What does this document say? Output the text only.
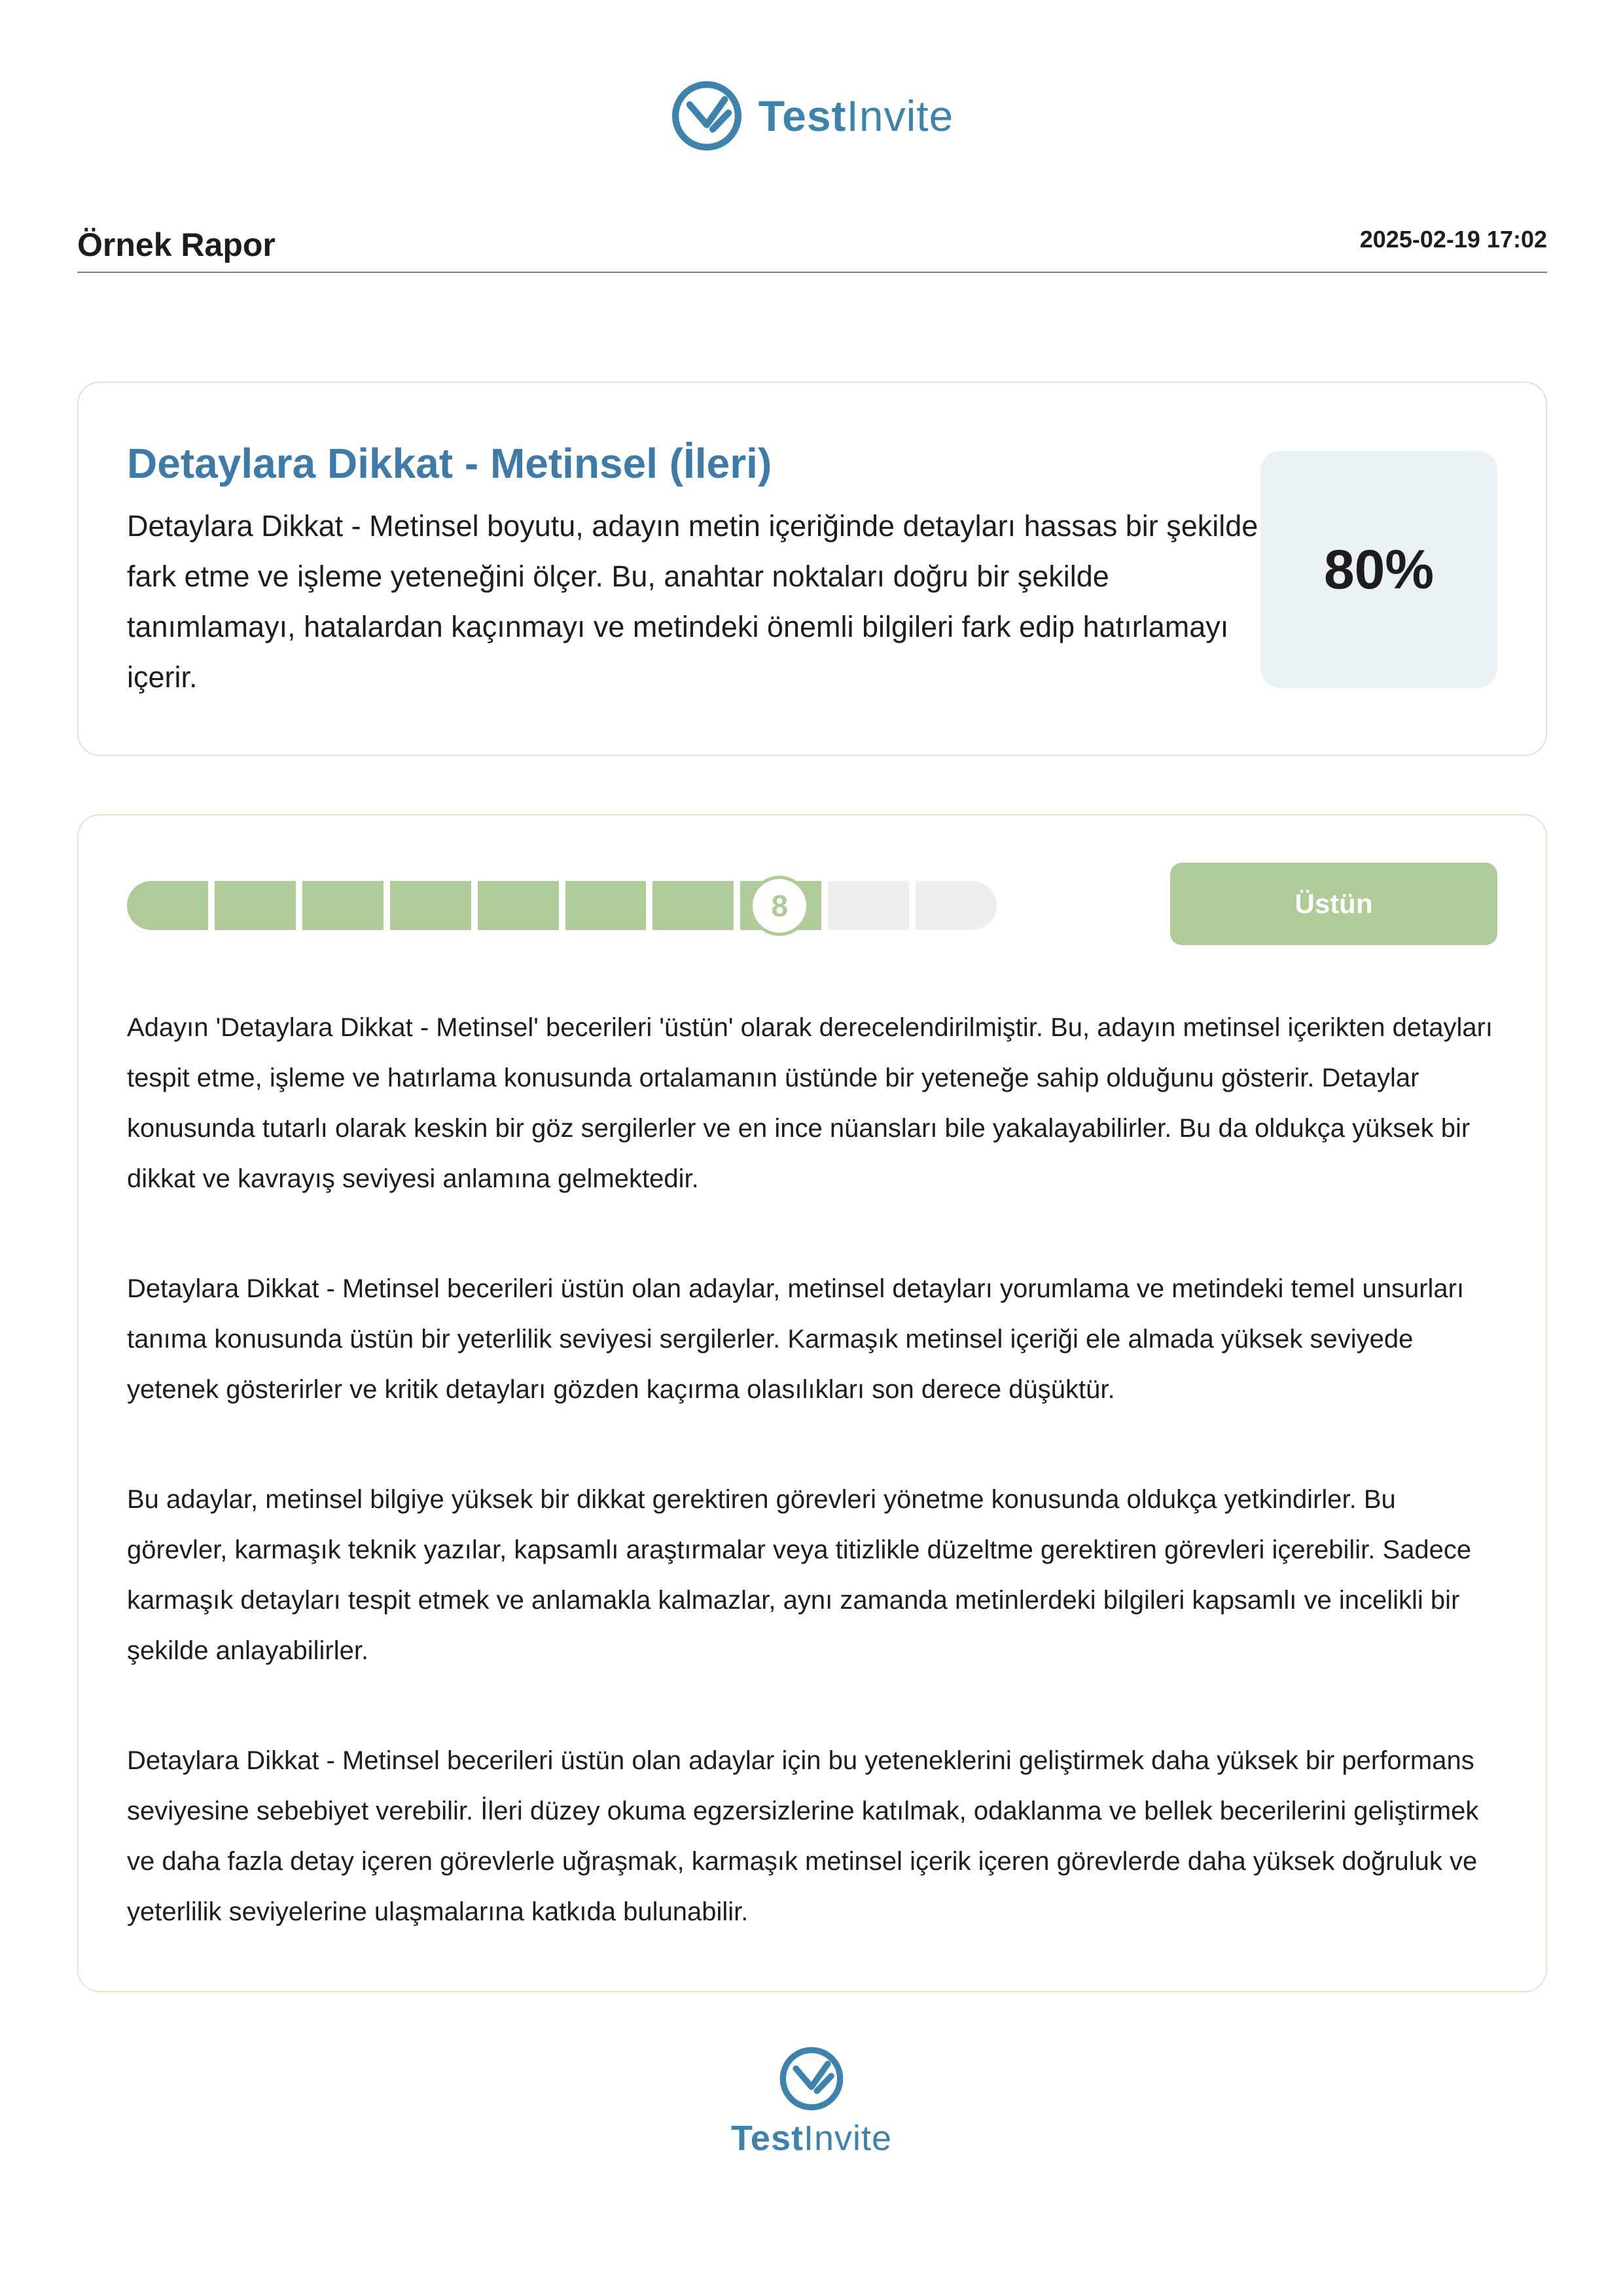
TestInvite
Örnek Rapor	2025-02-19 17:02
Detaylara Dikkat - Metinsel (İleri)
Detaylara Dikkat - Metinsel boyutu, adayın metin içeriğinde detayları hassas bir şekilde fark etme ve işleme yeteneğini ölçer. Bu, anahtar noktaları doğru bir şekilde tanımlamayı, hatalardan kaçınmayı ve metindeki önemli bilgileri fark edip hatırlamayı içerir.
80%
8	Üstün

Adayın 'Detaylara Dikkat - Metinsel' becerileri 'üstün' olarak derecelendirilmiştir. Bu, adayın metinsel içerikten detayları tespit etme, işleme ve hatırlama konusunda ortalamanın üstünde bir yeteneğe sahip olduğunu gösterir. Detaylar konusunda tutarlı olarak keskin bir göz sergilerler ve en ince nüansları bile yakalayabilirler. Bu da oldukça yüksek bir dikkat ve kavrayış seviyesi anlamına gelmektedir.

Detaylara Dikkat - Metinsel becerileri üstün olan adaylar, metinsel detayları yorumlama ve metindeki temel unsurları tanıma konusunda üstün bir yeterlilik seviyesi sergilerler. Karmaşık metinsel içeriği ele almada yüksek seviyede yetenek gösterirler ve kritik detayları gözden kaçırma olasılıkları son derece düşüktür.

Bu adaylar, metinsel bilgiye yüksek bir dikkat gerektiren görevleri yönetme konusunda oldukça yetkindirler. Bu görevler, karmaşık teknik yazılar, kapsamlı araştırmalar veya titizlikle düzeltme gerektiren görevleri içerebilir. Sadece karmaşık detayları tespit etmek ve anlamakla kalmazlar, aynı zamanda metinlerdeki bilgileri kapsamlı ve incelikli bir şekilde anlayabilirler.

Detaylara Dikkat - Metinsel becerileri üstün olan adaylar için bu yeteneklerini geliştirmek daha yüksek bir performans seviyesine sebebiyet verebilir. İleri düzey okuma egzersizlerine katılmak, odaklanma ve bellek becerilerini geliştirmek ve daha fazla detay içeren görevlerle uğraşmak, karmaşık metinsel içerik içeren görevlerde daha yüksek doğruluk ve yeterlilik seviyelerine ulaşmalarına katkıda bulunabilir.

TestInvite
